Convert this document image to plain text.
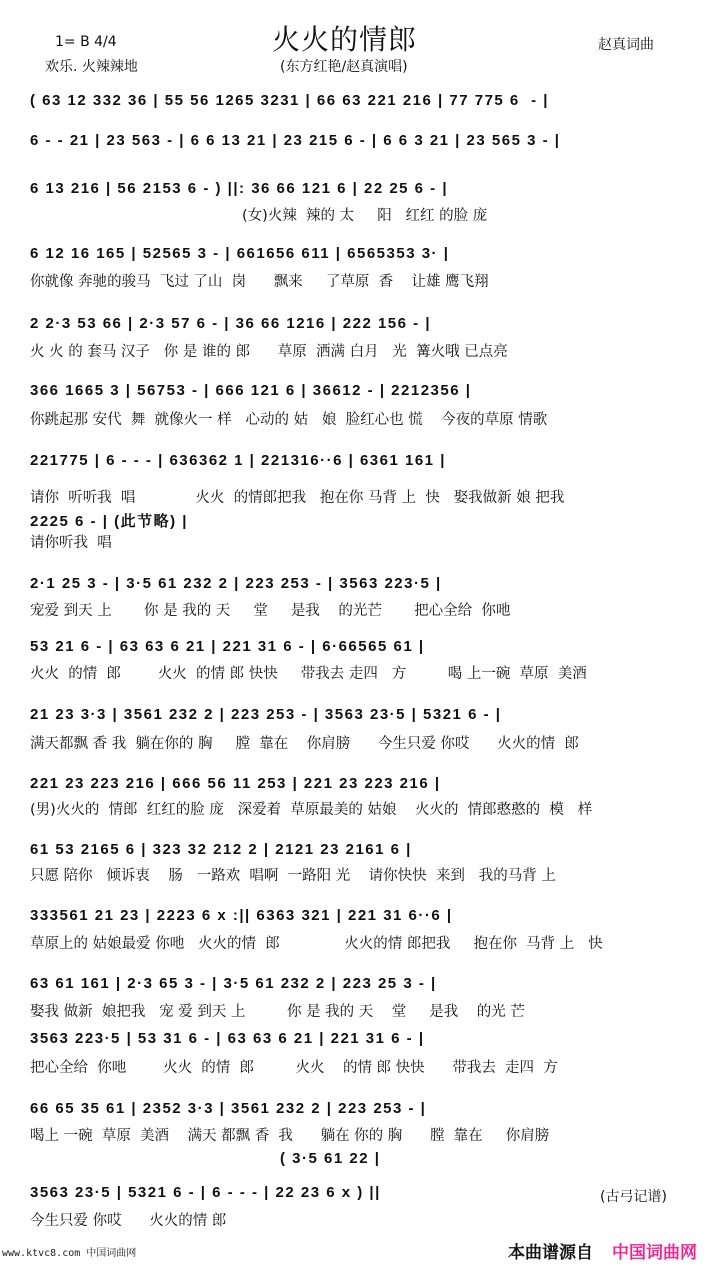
火火的情郎
1= B 4/4
欢乐. 火辣辣地	(东方红艳/赵真演唱)
赵真词曲
( 63 12 332 36 | 55 56 1265 3231 | 66 63 221 216 | 77 775 6  - |
6 - - 21 | 23 563 - | 6 6 13 21 | 23 215 6 - | 6 6 3 21 | 23 565 3 - |
6 13 216 | 56 2153 6 - ) ||: 36 66 121 6 | 22 25 6 - |
(女)火辣  辣的 太     阳   红红 的脸 庞
6 12 16 165 | 52565 3 - | 661656 611 | 6565353 3· |
你就像 奔驰的骏马  飞过 了山  岗      飘来     了草原  香    让雄 鹰飞翔
2 2·3 53 66 | 2·3 57 6 - | 36 66 1216 | 222 156 - |
火 火 的 套马 汉子   你 是 谁的 郎      草原  洒满 白月   光  篝火哦 已点亮
366 1665 3 | 56753 - | 666 121 6 | 36612 - | 2212356 |
你跳起那 安代  舞  就像火一 样   心动的 姑   娘  脸红心也 慌    今夜的草原 情歌
221775 | 6 - - - | 636362 1 | 221316··6 | 6361 161 |
请你  听听我  唱             火火  的情郎把我   抱在你 马背 上  快   娶我做新 娘 把我
2225 6 - | (此节略) |
请你听我  唱
2·1 25 3 - | 3·5 61 232 2 | 223 253 - | 3563 223·5 |
宠爱 到天 上       你 是 我的 天     堂     是我    的光芒       把心全给  你吔
53 21 6 - | 63 63 6 21 | 221 31 6 - | 6·66565 61 |
火火  的情  郎        火火  的情 郎 快快     带我去 走四   方         喝 上一碗  草原  美酒
21 23 3·3 | 3561 232 2 | 223 253 - | 3563 23·5 | 5321 6 - |
满天都飘 香 我  躺在你的 胸     膛  靠在    你肩膀      今生只爱 你哎      火火的情  郎
221 23 223 216 | 666 56 11 253 | 221 23 223 216 |
(男)火火的  情郎  红红的脸 庞   深爱着  草原最美的 姑娘    火火的  情郎憨憨的  模   样
61 53 2165 6 | 323 32 212 2 | 2121 23 2161 6 |
只愿 陪你   倾诉衷    肠   一路欢  唱啊  一路阳 光    请你快快  来到   我的马背 上
333561 21 23 | 2223 6 x :|| 6363 321 | 221 31 6··6 |
草原上的 姑娘最爱 你吔   火火的情  郎              火火的情 郎把我     抱在你  马背 上   快
63 61 161 | 2·3 65 3 - | 3·5 61 232 2 | 223 25 3 - |
娶我 做新  娘把我   宠 爱 到天 上         你 是 我的 天    堂     是我    的光 芒
3563 223·5 | 53 31 6 - | 63 63 6 21 | 221 31 6 - |
把心全给  你吔        火火  的情  郎         火火    的情 郎 快快      带我去  走四  方
66 65 35 61 | 2352 3·3 | 3561 232 2 | 223 253 - |
喝上 一碗  草原  美酒    满天 都飘 香  我      躺在 你的 胸      膛  靠在     你肩膀
( 3·5 61 22 |
3563 23·5 | 5321 6 - | 6 - - - | 22 23 6 x ) ||
今生只爱 你哎      火火的情 郎
(古弓记谱)
www.ktvc8.com 中国词曲网	本曲谱源自 中国词曲网
